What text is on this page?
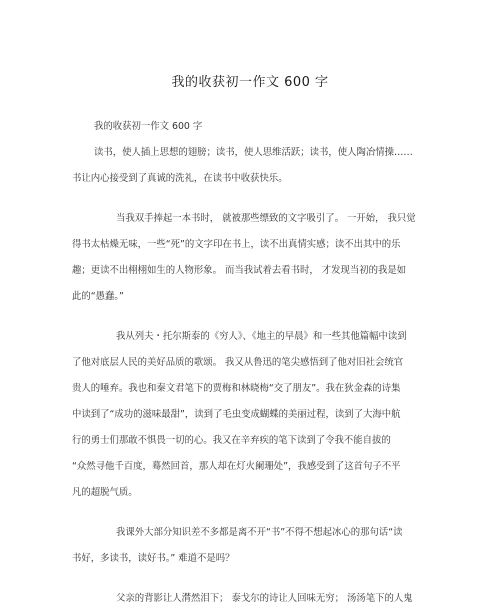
我的收获初一作文 600 字
我的收获初一作文 600 字
读书，使人插上思想的翅膀；读书，使人思维活跃；读书，使人陶冶情操……
书让内心接受到了真诚的洗礼，在读书中收获快乐。
当我双手捧起一本书时， 就被那些缥致的文字吸引了。 一开始， 我只觉
得书太枯燥无味，一些“死”的文字印在书上，读不出真情实感；读不出其中的乐
趣；更读不出栩栩如生的人物形象。 而当我试着去看书时， 才发现当初的我是如
此的“愚蠢。”
我从列夫・托尔斯泰的《穷人》、《地主的早晨》和一些其他篇幅中读到
了他对底层人民的美好品质的歌颂。 我又从鲁迅的笔尖感悟到了他对旧社会统官
贵人的唾弃。我也和秦文君笔下的贾梅和林晓梅“交了朋友”。我在狄金森的诗集
中读到了“成功的滋味最甜”，读到了毛虫变成蝴蝶的美丽过程，读到了大海中航
行的勇士们那敢不惧畏一切的心。我又在辛弃疾的笔下读到了令我不能自拔的
“众然寻他千百度，蓦然回首，那人却在灯火阑珊处”，我感受到了这首句子不平
凡的超脱气质。
我课外大部分知识差不多都是离不开“书”不得不想起冰心的那句话“读
书好，多读书，读好书。” 难道不是吗？
父亲的背影让人潸然泪下； 泰戈尔的诗让人回味无穷； 汤汤笔下的人鬼
